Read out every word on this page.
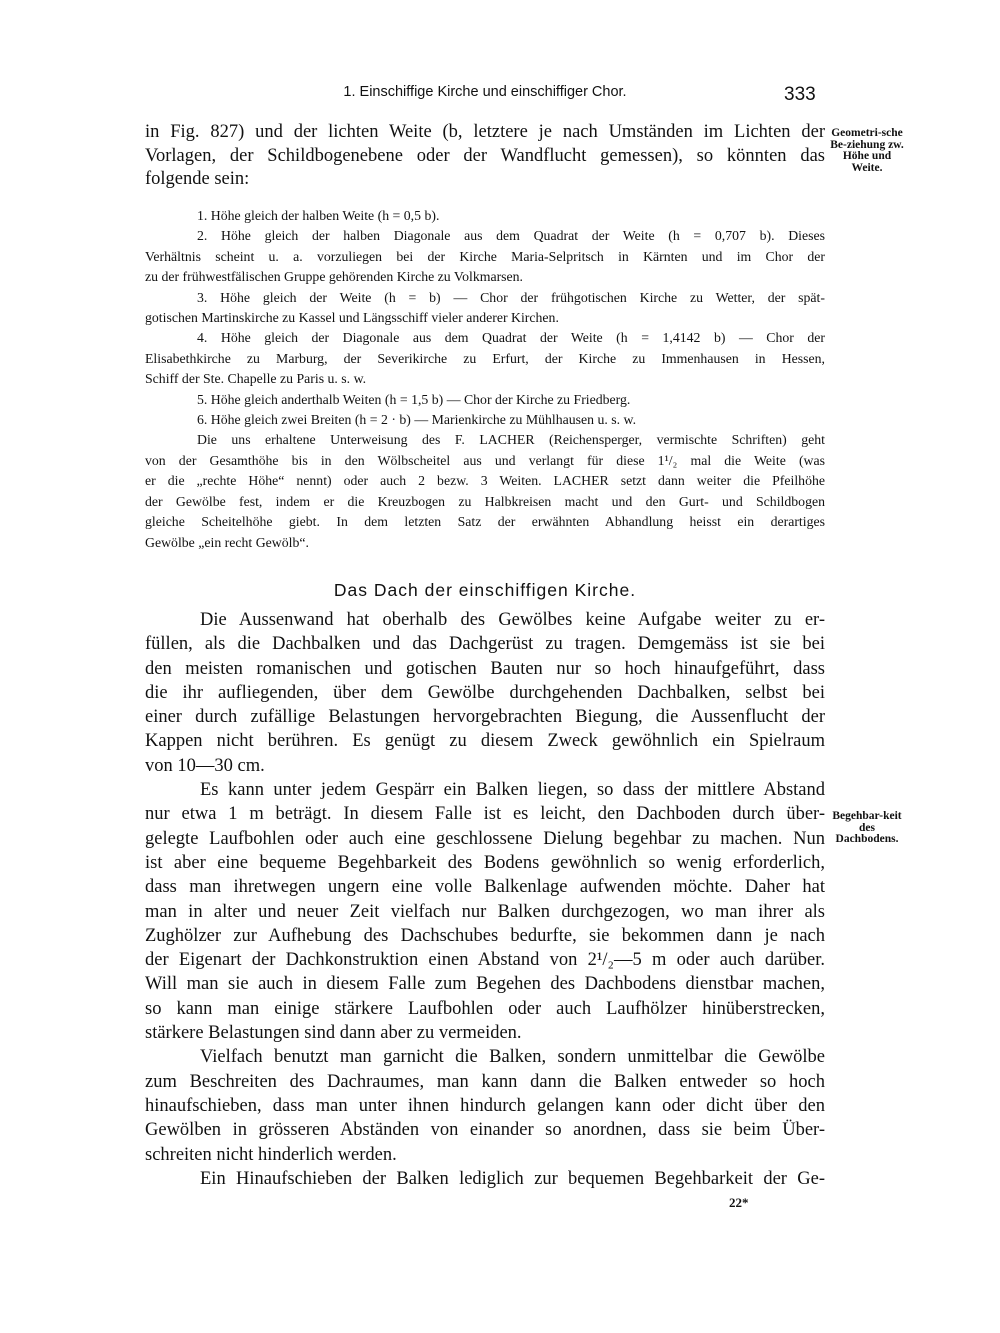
1. Einschiffige Kirche und einschiffiger Chor.	333
in Fig. 827) und der lichten Weite (b, letztere je nach Umständen im Lichten der
Vorlagen, der Schildbogenebene oder der Wandflucht gemessen), so könnten das
folgende sein:
Geometri-sche Be-ziehung zw. Höhe und Weite.
1. Höhe gleich der halben Weite (h = 0,5 b).
2. Höhe gleich der halben Diagonale aus dem Quadrat der Weite (h = 0,707 b). Dieses
Verhältnis scheint u. a. vorzuliegen bei der Kirche Maria-Selpritsch in Kärnten und im Chor der
zu der frühwestfälischen Gruppe gehörenden Kirche zu Volkmarsen.
3. Höhe gleich der Weite (h = b) — Chor der frühgotischen Kirche zu Wetter, der spät-
gotischen Martinskirche zu Kassel und Längsschiff vieler anderer Kirchen.
4. Höhe gleich der Diagonale aus dem Quadrat der Weite (h = 1,4142 b) — Chor der
Elisabethkirche zu Marburg, der Severikirche zu Erfurt, der Kirche zu Immenhausen in Hessen,
Schiff der Ste. Chapelle zu Paris u. s. w.
5. Höhe gleich anderthalb Weiten (h = 1,5 b) — Chor der Kirche zu Friedberg.
6. Höhe gleich zwei Breiten (h = 2 · b) — Marienkirche zu Mühlhausen u. s. w.
Die uns erhaltene Unterweisung des F. LACHER (Reichensperger, vermischte Schriften) geht
von der Gesamthöhe bis in den Wölbscheitel aus und verlangt für diese 1¹/₂ mal die Weite (was
er die „rechte Höhe“ nennt) oder auch 2 bezw. 3 Weiten. LACHER setzt dann weiter die Pfeilhöhe
der Gewölbe fest, indem er die Kreuzbogen zu Halbkreisen macht und den Gurt- und Schildbogen
gleiche Scheitelhöhe giebt. In dem letzten Satz der erwähnten Abhandlung heisst ein derartiges
Gewölbe „ein recht Gewölb“.
Das Dach der einschiffigen Kirche.
Die Aussenwand hat oberhalb des Gewölbes keine Aufgabe weiter zu er-
füllen, als die Dachbalken und das Dachgerüst zu tragen. Demgemäss ist sie bei
den meisten romanischen und gotischen Bauten nur so hoch hinaufgeführt, dass
die ihr aufliegenden, über dem Gewölbe durchgehenden Dachbalken, selbst bei
einer durch zufällige Belastungen hervorgebrachten Biegung, die Aussenflucht der
Kappen nicht berühren. Es genügt zu diesem Zweck gewöhnlich ein Spielraum
von 10—30 cm.
Es kann unter jedem Gespärr ein Balken liegen, so dass der mittlere Abstand
nur etwa 1 m beträgt. In diesem Falle ist es leicht, den Dachboden durch über-
gelegte Laufbohlen oder auch eine geschlossene Dielung begehbar zu machen. Nun
ist aber eine bequeme Begehbarkeit des Bodens gewöhnlich so wenig erforderlich,
dass man ihretwegen ungern eine volle Balkenlage aufwenden möchte. Daher hat
man in alter und neuer Zeit vielfach nur Balken durchgezogen, wo man ihrer als
Zughölzer zur Aufhebung des Dachschubes bedurfte, sie bekommen dann je nach
der Eigenart der Dachkonstruktion einen Abstand von 2¹/₂—5 m oder auch darüber.
Will man sie auch in diesem Falle zum Begehen des Dachbodens dienstbar machen,
so kann man einige stärkere Laufbohlen oder auch Laufhölzer hinüberstrecken,
stärkere Belastungen sind dann aber zu vermeiden.
Vielfach benutzt man garnicht die Balken, sondern unmittelbar die Gewölbe
zum Beschreiten des Dachraumes, man kann dann die Balken entweder so hoch
hinaufschieben, dass man unter ihnen hindurch gelangen kann oder dicht über den
Gewölben in grösseren Abständen von einander so anordnen, dass sie beim Über-
schreiten nicht hinderlich werden.
Ein Hinaufschieben der Balken lediglich zur bequemen Begehbarkeit der Ge-
Begehbar-keit des Dachbodens.
22*
